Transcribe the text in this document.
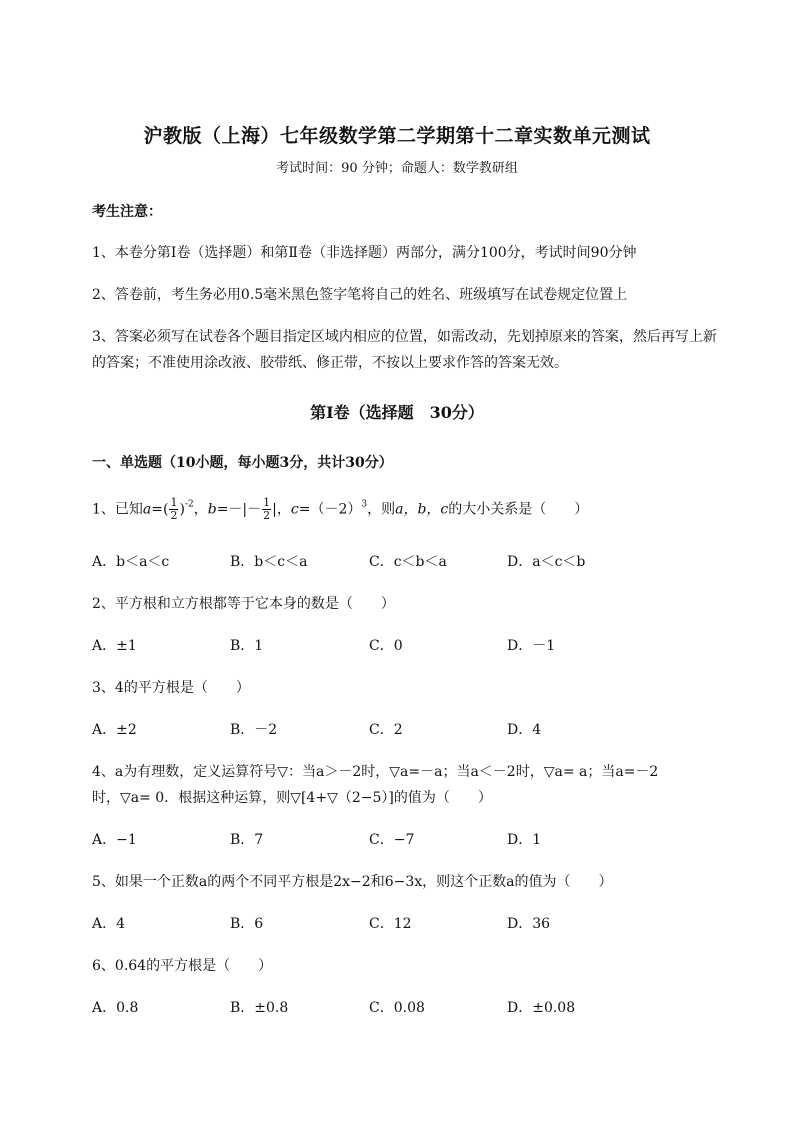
沪教版（上海）七年级数学第二学期第十二章实数单元测试
考试时间：90 分钟；命题人：数学教研组
考生注意：
1、本卷分第Ⅰ卷（选择题）和第Ⅱ卷（非选择题）两部分，满分100分，考试时间90分钟
2、答卷前，考生务必用0.5毫米黑色签字笔将自己的姓名、班级填写在试卷规定位置上
3、答案必须写在试卷各个题目指定区域内相应的位置，如需改动，先划掉原来的答案，然后再写上新
的答案；不准使用涂改液、胶带纸、修正带，不按以上要求作答的答案无效。
第Ⅰ卷（选择题　30分）
一、单选题（10小题，每小题3分，共计30分）
1、已知$a=( \frac{1}{2} )^{-2}$，$b=-|- \frac{1}{2}$ |，$c=(-2)^3$，则a，b，c的大小关系是（　　）
A．b＜a＜c	B．b＜c＜a	C．c＜b＜a	D．a＜c＜b
2、平方根和立方根都等于它本身的数是（　　）
A．±1	B．1	C．0	D．－1
3、4的平方根是（　　）
A．±2	B．－2	C．2	D．4
4、a为有理数，定义运算符号▽：当a＞－2时，▽a=－a；当a＜－2时，▽a= a；当a=－2
时，▽a= 0．根据这种运算，则▽[4+▽（2−5）]的值为（　　）
A．−1	B．7	C．−7	D．1
5、如果一个正数a的两个不同平方根是2x−2和6−3x，则这个正数a的值为（　　）
A．4	B．6	C．12	D．36
6、0.64的平方根是（　　）
A．0.8	B．±0.8	C．0.08	D．±0.08
